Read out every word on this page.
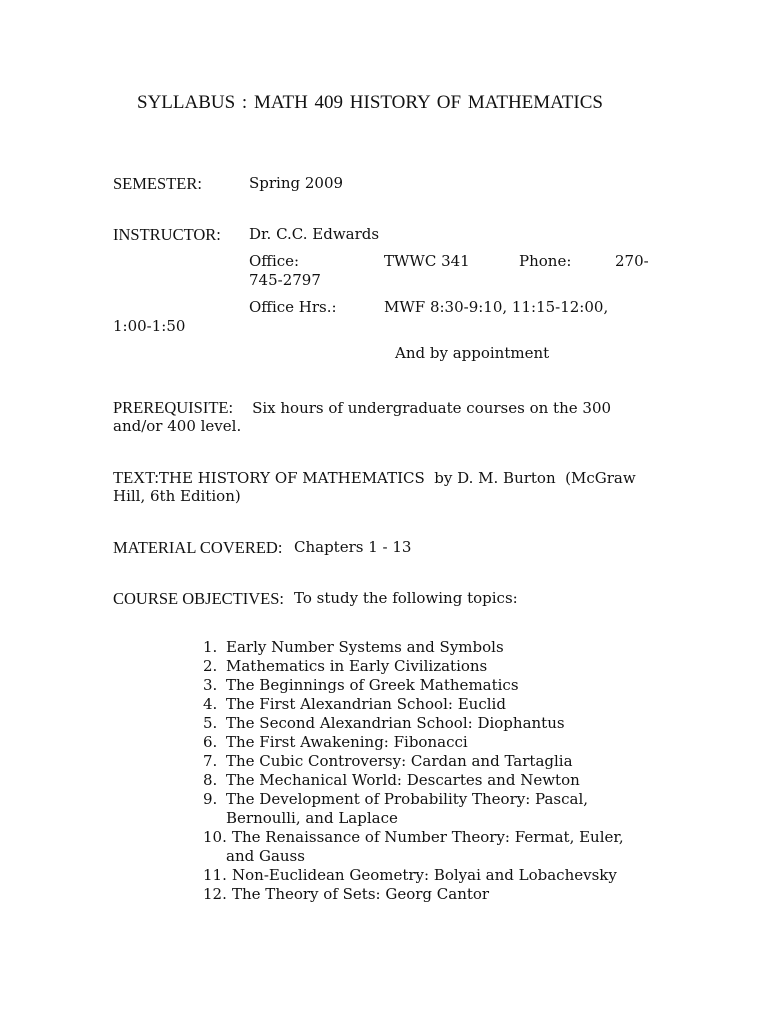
SYLLABUS : MATH 409 HISTORY OF MATHEMATICS
SEMESTER:	Spring 2009
INSTRUCTOR: Dr. C.C. Edwards
Office:	TWWC 341	Phone:	270-
745-2797
Office Hrs.:	MWF 8:30-9:10, 11:15-12:00,
1:00-1:50
And by appointment
PREREQUISITE: Six hours of undergraduate courses on the 300
and/or 400 level.
TEXT:THE HISTORY OF MATHEMATICS  by D. M. Burton  (McGraw
Hill, 6th Edition)
MATERIAL COVERED: Chapters 1 - 13
COURSE OBJECTIVES: To study the following topics:
1. Early Number Systems and Symbols
2. Mathematics in Early Civilizations
3. The Beginnings of Greek Mathematics
4. The First Alexandrian School: Euclid
5. The Second Alexandrian School: Diophantus
6. The First Awakening: Fibonacci
7. The Cubic Controversy: Cardan and Tartaglia
8. The Mechanical World: Descartes and Newton
9. The Development of Probability Theory: Pascal,
Bernoulli, and Laplace
10. The Renaissance of Number Theory: Fermat, Euler,
and Gauss
11. Non-Euclidean Geometry: Bolyai and Lobachevsky
12. The Theory of Sets: Georg Cantor
